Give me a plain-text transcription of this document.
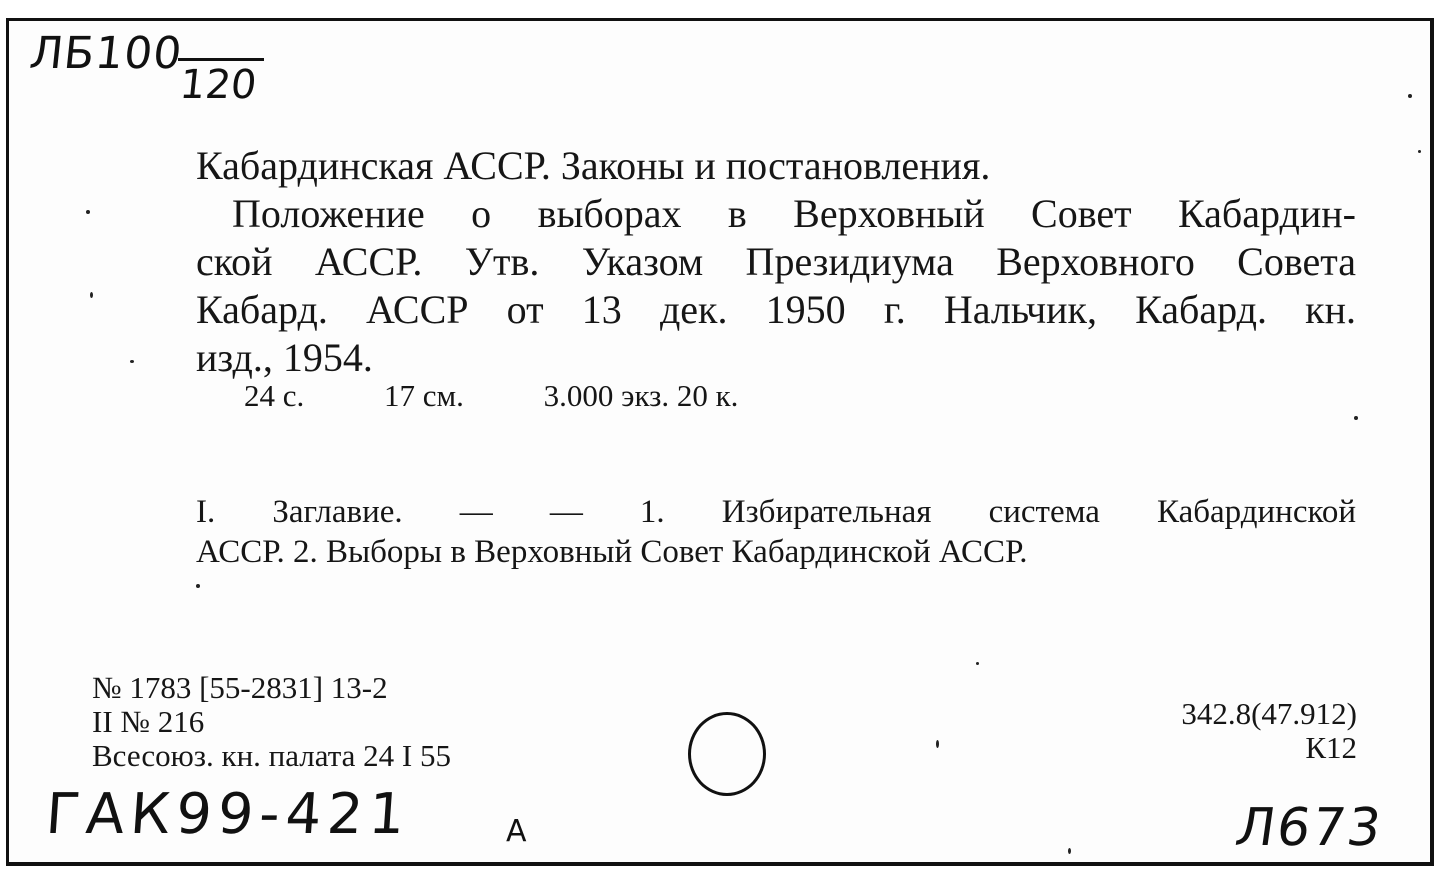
ЛБ100
120
Кабардинская АССР. Законы и постановления.
Положение о выборах в Верховный Совет Кабардин-
ской АССР. Утв. Указом Президиума Верховного Совета
Кабард. АССР от 13 дек. 1950 г. Нальчик, Кабард. кн.
изд., 1954.
24 с.	17 см.	3.000 экз. 20 к.
I. Заглавие. — — 1. Избирательная система Кабардинской
АССР. 2. Выборы в Верховный Совет Кабардинской АССР.
№ 1783 [55-2831] 13-2
II № 216
Всесоюз. кн. палата 24 I 55
342.8(47.912)
К12
ГАК99-421	А	Л673
